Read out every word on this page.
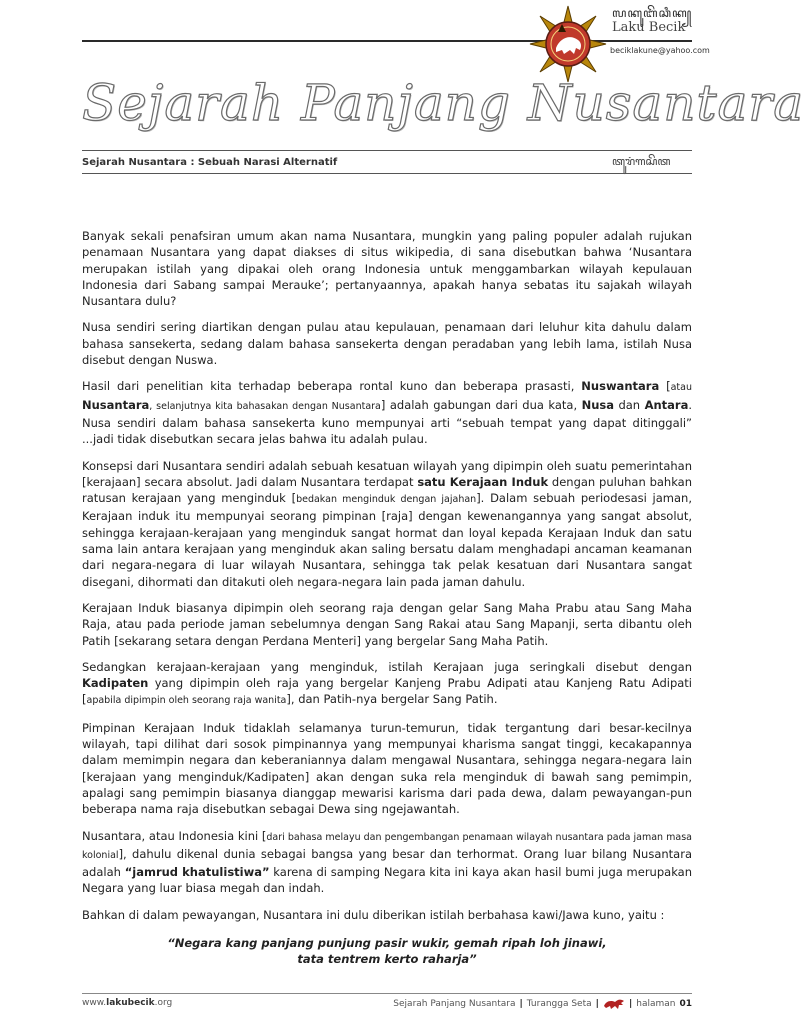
ꦭꦏꦸꦧꦼꦕꦶꦏ꧀
Laku Becik
beciklakune@yahoo.com
Sejarah Panjang Nusantara
Sejarah Nusantara : Sebuah Narasi Alternatif	ꦠꦸꦫꦁꦒꦱꦼꦠ

Banyak sekali penafsiran umum akan nama Nusantara, mungkin yang paling populer adalah rujukan penamaan Nusantara yang dapat diakses di situs wikipedia, di sana disebutkan bahwa ‘Nusantara merupakan istilah yang dipakai oleh orang Indonesia untuk menggambarkan wilayah kepulauan Indonesia dari Sabang sampai Merauke’; pertanyaannya, apakah hanya sebatas itu sajakah wilayah Nusantara dulu?

Nusa sendiri sering diartikan dengan pulau atau kepulauan, penamaan dari leluhur kita dahulu dalam bahasa sansekerta, sedang dalam bahasa sansekerta dengan peradaban yang lebih lama, istilah Nusa disebut dengan Nuswa.

Hasil dari penelitian kita terhadap beberapa rontal kuno dan beberapa prasasti, Nuswantara [atau Nusantara, selanjutnya kita bahasakan dengan Nusantara] adalah gabungan dari dua kata, Nusa dan Antara. Nusa sendiri dalam bahasa sansekerta kuno mempunyai arti “sebuah tempat yang dapat ditinggali” ...jadi tidak disebutkan secara jelas bahwa itu adalah pulau.

Konsepsi dari Nusantara sendiri adalah sebuah kesatuan wilayah yang dipimpin oleh suatu pemerintahan [kerajaan] secara absolut. Jadi dalam Nusantara terdapat satu Kerajaan Induk dengan puluhan bahkan ratusan kerajaan yang menginduk [bedakan menginduk dengan jajahan]. Dalam sebuah periodesasi jaman, Kerajaan induk itu mempunyai seorang pimpinan [raja] dengan kewenangannya yang sangat absolut, sehingga kerajaan-kerajaan yang menginduk sangat hormat dan loyal kepada Kerajaan Induk dan satu sama lain antara kerajaan yang menginduk akan saling bersatu dalam menghadapi ancaman keamanan dari negara-negara di luar wilayah Nusantara, sehingga tak pelak kesatuan dari Nusantara sangat disegani, dihormati dan ditakuti oleh negara-negara lain pada jaman dahulu.

Kerajaan Induk biasanya dipimpin oleh seorang raja dengan gelar Sang Maha Prabu atau Sang Maha Raja, atau pada periode jaman sebelumnya dengan Sang Rakai atau Sang Mapanji, serta dibantu oleh Patih [sekarang setara dengan Perdana Menteri] yang bergelar Sang Maha Patih.

Sedangkan kerajaan-kerajaan yang menginduk, istilah Kerajaan juga seringkali disebut dengan Kadipaten yang dipimpin oleh raja yang bergelar Kanjeng Prabu Adipati atau Kanjeng Ratu Adipati [apabila dipimpin oleh seorang raja wanita], dan Patih-nya bergelar Sang Patih.

Pimpinan Kerajaan Induk tidaklah selamanya turun-temurun, tidak tergantung dari besar-kecilnya wilayah, tapi dilihat dari sosok pimpinannya yang mempunyai kharisma sangat tinggi, kecakapannya dalam memimpin negara dan keberaniannya dalam mengawal Nusantara, sehingga negara-negara lain [kerajaan yang menginduk/Kadipaten] akan dengan suka rela menginduk di bawah sang pemimpin, apalagi sang pemimpin biasanya dianggap mewarisi karisma dari pada dewa, dalam pewayangan-pun beberapa nama raja disebutkan sebagai Dewa sing ngejawantah.

Nusantara, atau Indonesia kini [dari bahasa melayu dan pengembangan penamaan wilayah nusantara pada jaman masa kolonial], dahulu dikenal dunia sebagai bangsa yang besar dan terhormat. Orang luar bilang Nusantara adalah “jamrud khatulistiwa” karena di samping Negara kita ini kaya akan hasil bumi juga merupakan Negara yang luar biasa megah dan indah.

Bahkan di dalam pewayangan, Nusantara ini dulu diberikan istilah berbahasa kawi/Jawa kuno, yaitu :

“Negara kang panjang punjung pasir wukir, gemah ripah loh jinawi,
tata tentrem kerto raharja”
www.lakubecik.org	Sejarah Panjang Nusantara | Turangga Seta |	| halaman 01
